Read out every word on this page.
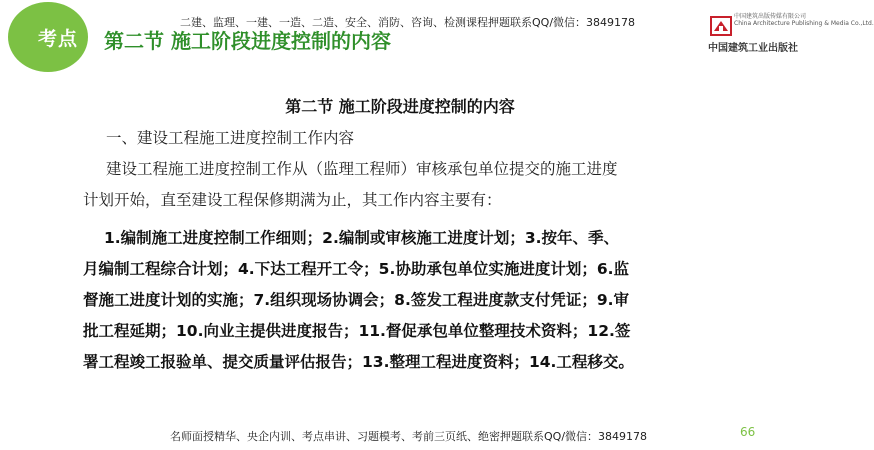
考点 第二节 施工阶段进度控制的内容
二建、监理、一建、一造、二造、安全、消防、咨询、检测课程押题联系QQ/微信：3849178	中国建筑出版传媒有限公司
China Architecture Publishing & Media Co.,Ltd.
中国建筑工业出版社
第二节 施工阶段进度控制的内容
一、建设工程施工进度控制工作内容
建设工程施工进度控制工作从（监理工程师）审核承包单位提交的施工进度
计划开始，直至建设工程保修期满为止，其工作内容主要有：
1.编制施工进度控制工作细则；2.编制或审核施工进度计划；3.按年、季、
月编制工程综合计划；4.下达工程开工令；5.协助承包单位实施进度计划；6.监
督施工进度计划的实施；7.组织现场协调会；8.签发工程进度款支付凭证；9.审
批工程延期；10.向业主提供进度报告；11.督促承包单位整理技术资料；12.签
署工程竣工报验单、提交质量评估报告；13.整理工程进度资料；14.工程移交。
名师面授精华、央企内训、考点串讲、习题模考、考前三页纸、绝密押题联系QQ/微信：3849178	66
